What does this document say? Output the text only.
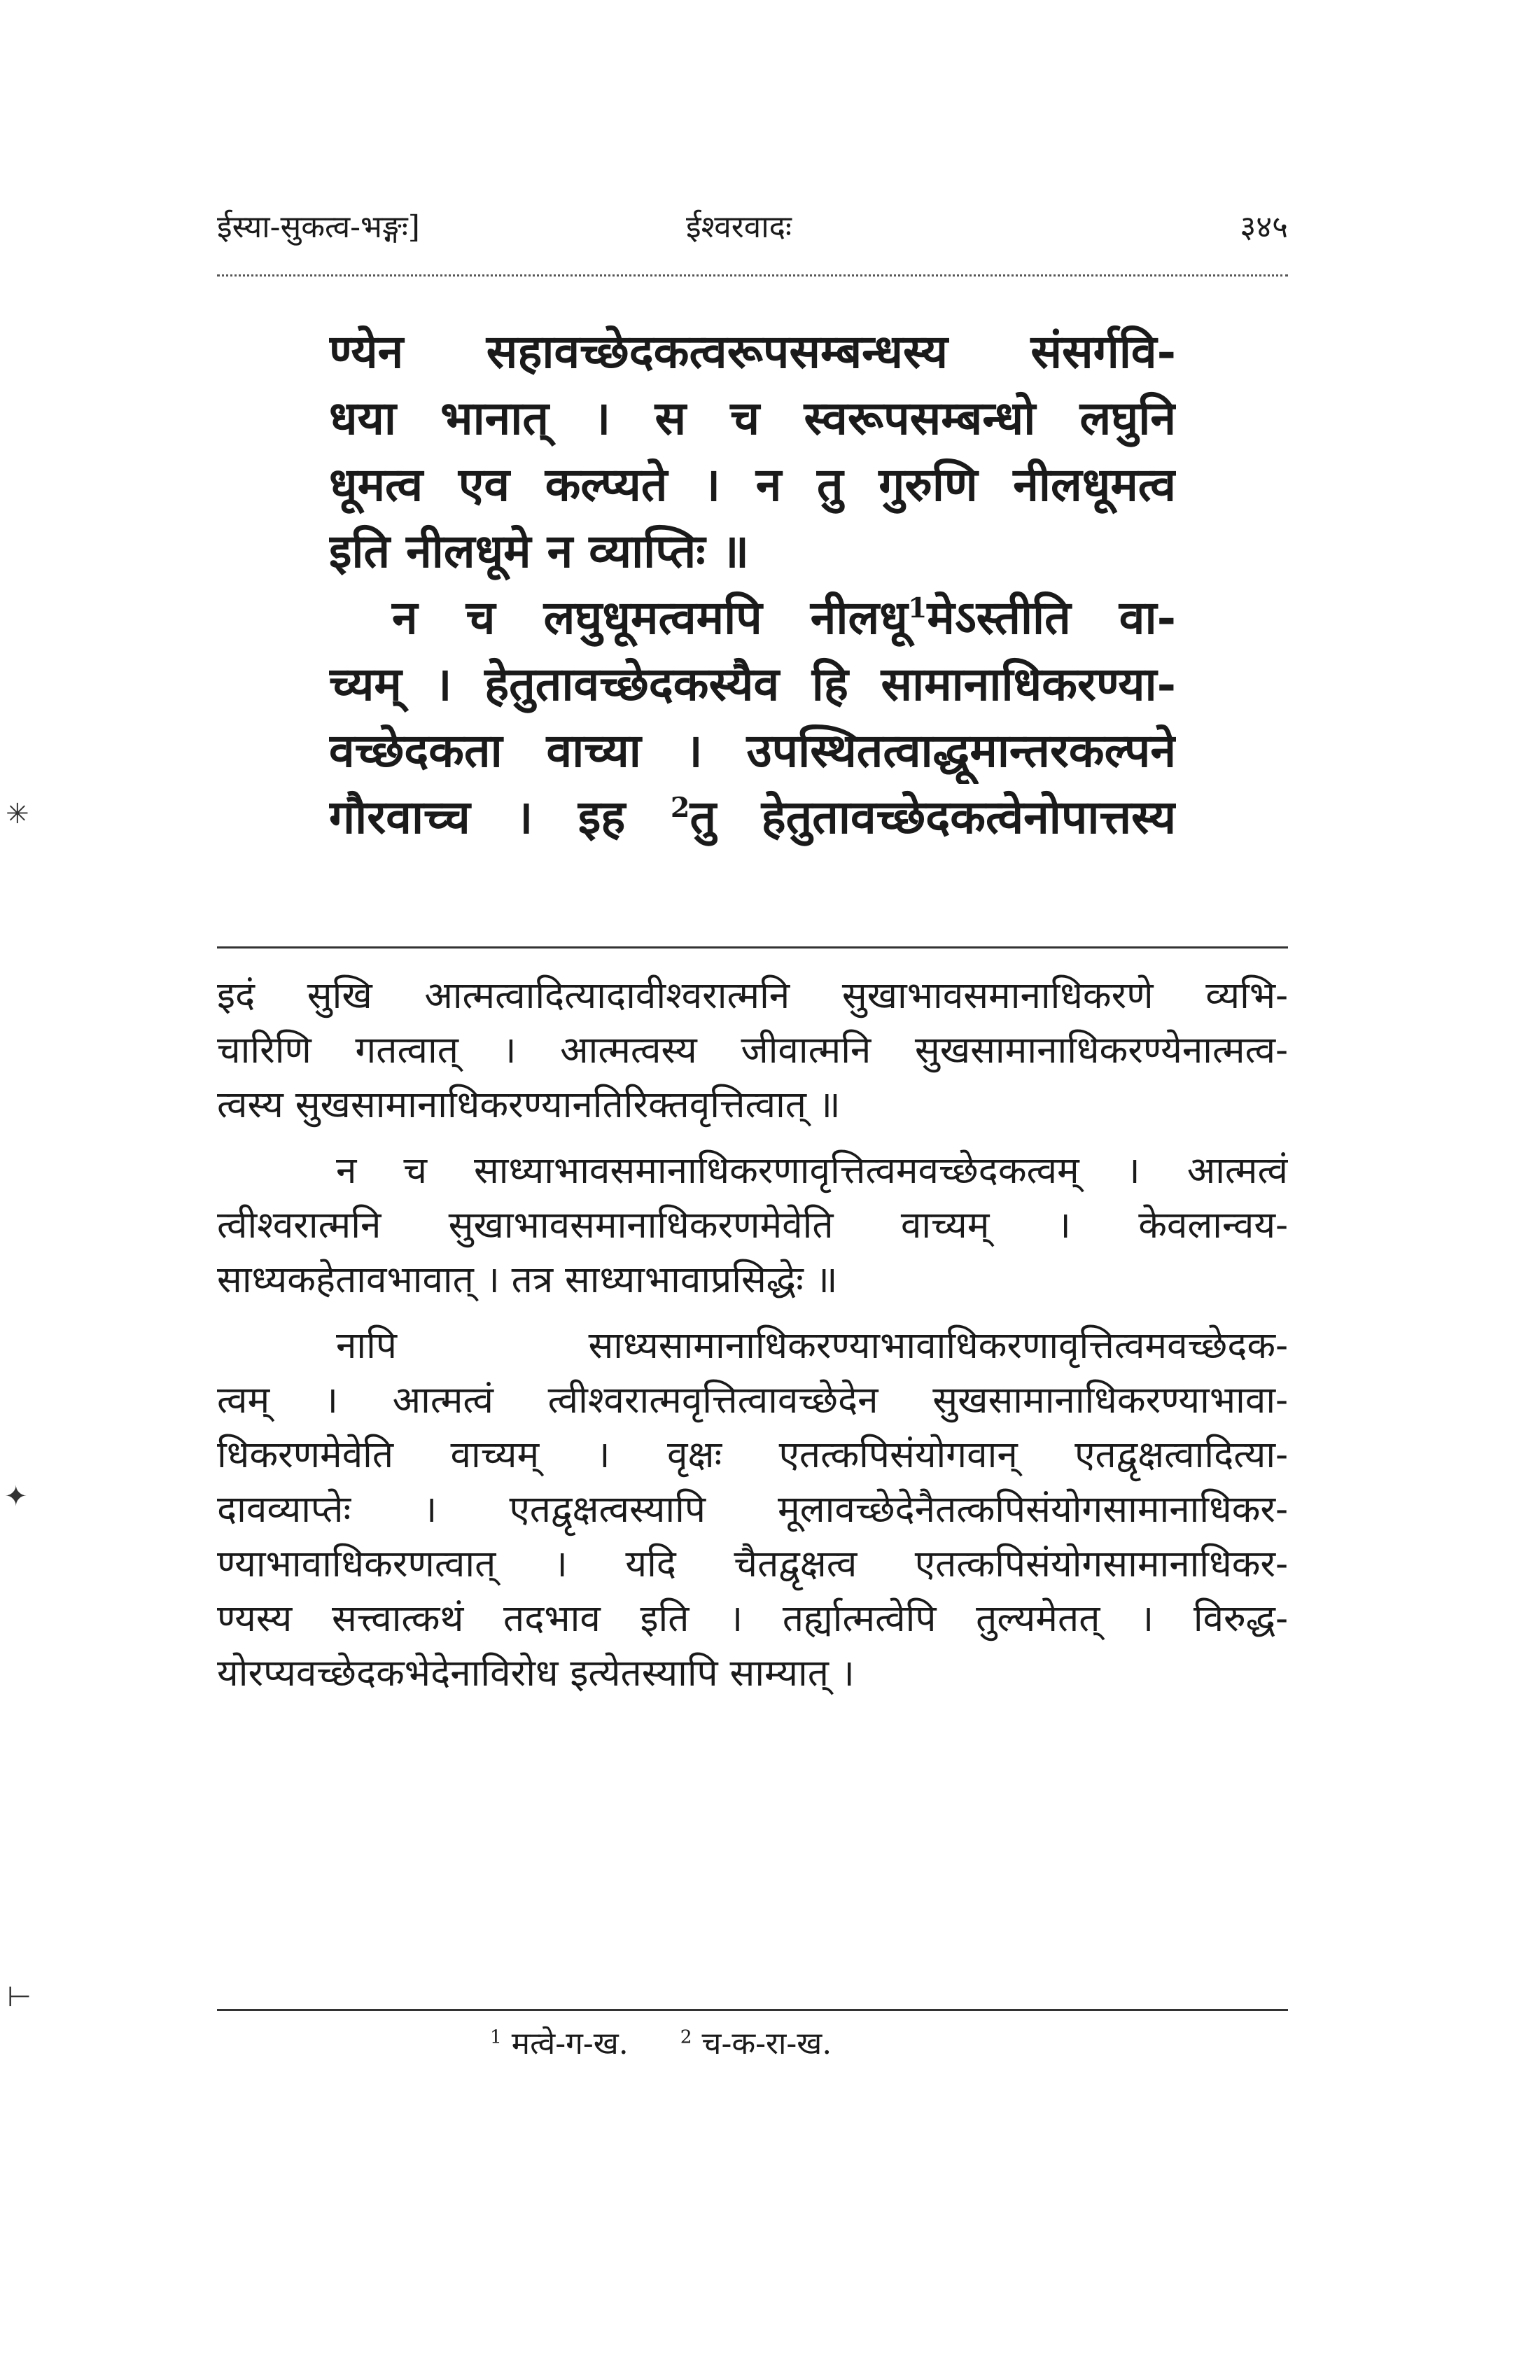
ईस्या-सुकत्व-भङ्गः]	ईश्वरवादः	३४५
ण्येन सहावच्छेदकत्वरूपसम्बन्धस्य संसर्गवि-
धया भानात् । स च स्वरूपसम्बन्धो लघुनि
धूमत्व एव कल्प्यते । न तु गुरुणि नीलधूमत्व
इति नीलधूमे न व्याप्तिः ॥
न च लघुधूमत्वमपि नीलधू$^1$मेऽस्तीति वा-
च्यम् । हेतुतावच्छेदकस्यैव हि सामानाधिकरण्या-
वच्छेदकता वाच्या । उपस्थितत्वाद्धूमान्तरकल्पने
गौरवाच्च । इह $^2$तु हेतुतावच्छेदकत्वेनोपात्तस्य
इदं सुखि आत्मत्वादित्यादावीश्वरात्मनि सुखाभावसमानाधिकरणे व्यभि-
चारिणि गतत्वात् । आत्मत्वस्य जीवात्मनि सुखसामानाधिकरण्येनात्मत्व-
त्वस्य सुखसामानाधिकरण्यानतिरिक्तवृत्तित्वात् ॥
न च साध्याभावसमानाधिकरणावृत्तित्वमवच्छेदकत्वम् । आत्मत्वं
त्वीश्वरात्मनि सुखाभावसमानाधिकरणमेवेति वाच्यम् । केवलान्वय-
साध्यकहेतावभावात् । तत्र साध्याभावाप्रसिद्धेः ॥
नापि साध्यसामानाधिकरण्याभावाधिकरणावृत्तित्वमवच्छेदक-
त्वम् । आत्मत्वं त्वीश्वरात्मवृत्तित्वावच्छेदेन सुखसामानाधिकरण्याभावा-
धिकरणमेवेति वाच्यम् । वृक्षः एतत्कपिसंयोगवान् एतद्वृक्षत्वादित्या-
दावव्याप्तेः । एतद्वृक्षत्वस्यापि मूलावच्छेदेनैतत्कपिसंयोगसामानाधिकर-
ण्याभावाधिकरणत्वात् । यदि चैतद्वृक्षत्व एतत्कपिसंयोगसामानाधिकर-
ण्यस्य सत्त्वात्कथं तदभाव इति । तर्ह्यात्मत्वेपि तुल्यमेतत् । विरुद्ध-
योरप्यवच्छेदकभेदेनाविरोध इत्येतस्यापि साम्यात् ।
$^1$ मत्वे-ग-ख.	$^2$ च-क-रा-ख.
✳
✦
⊢
